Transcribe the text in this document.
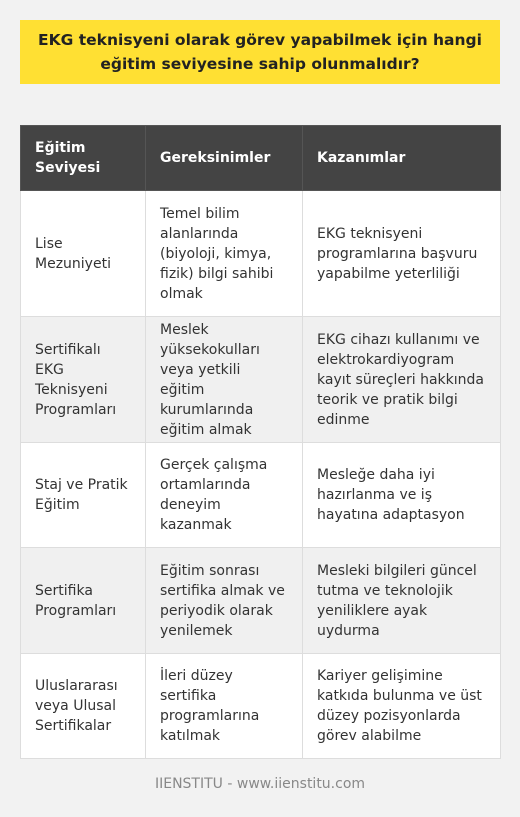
EKG teknisyeni olarak görev yapabilmek için hangi eğitim seviyesine sahip olunmalıdır?
Eğitim Seviyesi	Gereksinimler	Kazanımlar
Lise Mezuniyeti	Temel bilim alanlarında (biyoloji, kimya, fizik) bilgi sahibi olmak	EKG teknisyeni programlarına başvuru yapabilme yeterliliği
Sertifikalı EKG Teknisyeni Programları	Meslek yüksekokulları veya yetkili eğitim kurumlarında eğitim almak	EKG cihazı kullanımı ve elektrokardiyogram kayıt süreçleri hakkında teorik ve pratik bilgi edinme
Staj ve Pratik Eğitim	Gerçek çalışma ortamlarında deneyim kazanmak	Mesleğe daha iyi hazırlanma ve iş hayatına adaptasyon
Sertifika Programları	Eğitim sonrası sertifika almak ve periyodik olarak yenilemek	Mesleki bilgileri güncel tutma ve teknolojik yeniliklere ayak uydurma
Uluslararası veya Ulusal Sertifikalar	İleri düzey sertifika programlarına katılmak	Kariyer gelişimine katkıda bulunma ve üst düzey pozisyonlarda görev alabilme
IIENSTITU - www.iienstitu.com
